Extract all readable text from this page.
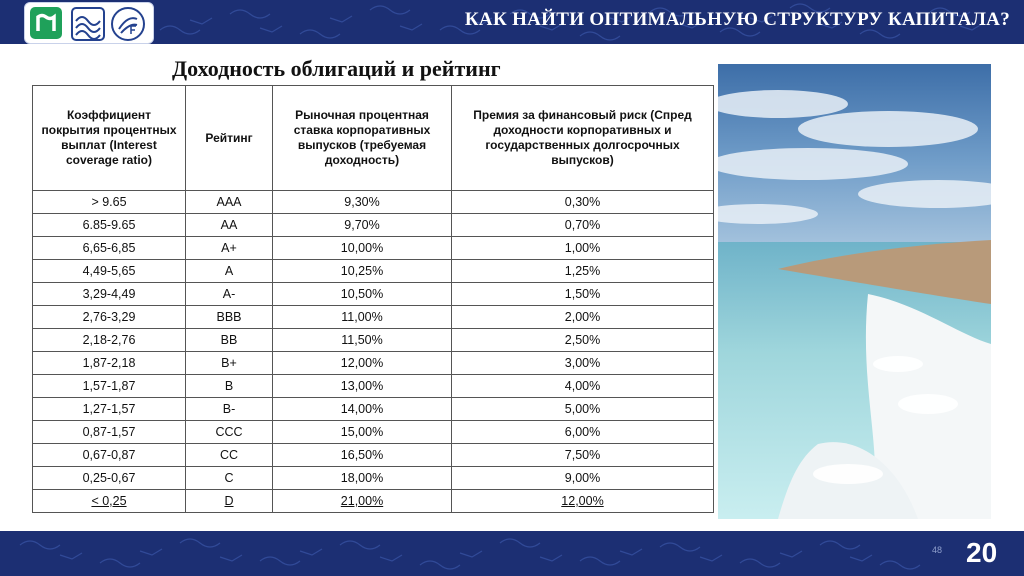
КАК НАЙТИ ОПТИМАЛЬНУЮ СТРУКТУРУ КАПИТАЛА?
Доходность облигаций и рейтинг
Коэффициент покрытия процентных выплат (Interest coverage ratio)	Рейтинг	Рыночная процентная ставка корпоративных выпусков (требуемая доходность)	Премия за финансовый риск (Спред доходности корпоративных и государственных долгосрочных выпусков)
> 9.65	AAA	9,30%	0,30%
6.85-9.65	AA	9,70%	0,70%
6,65-6,85	A+	10,00%	1,00%
4,49-5,65	A	10,25%	1,25%
3,29-4,49	A-	10,50%	1,50%
2,76-3,29	BBB	11,00%	2,00%
2,18-2,76	BB	11,50%	2,50%
1,87-2,18	B+	12,00%	3,00%
1,57-1,87	B	13,00%	4,00%
1,27-1,57	B-	14,00%	5,00%
0,87-1,57	CCC	15,00%	6,00%
0,67-0,87	CC	16,50%	7,50%
0,25-0,67	C	18,00%	9,00%
< 0,25	D	21,00%	12,00%
48 20
